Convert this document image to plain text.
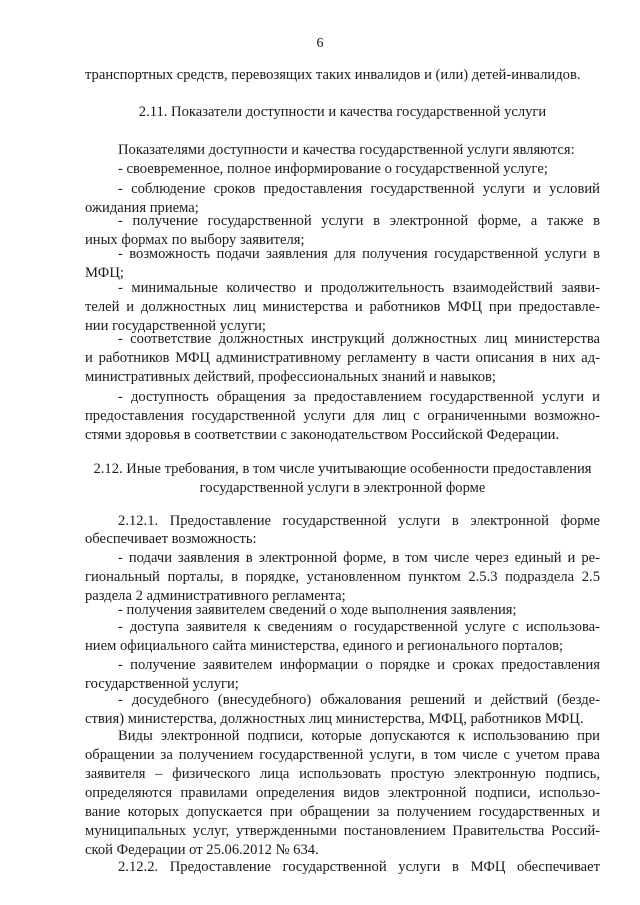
6
транспортных средств, перевозящих таких инвалидов и (или) детей-инвалидов.
2.11. Показатели доступности и качества государственной услуги
Показателями доступности и качества государственной услуги являются:
- своевременное, полное информирование о государственной услуге;
- соблюдение сроков предоставления государственной услуги и условий
ожидания приема;
- получение государственной услуги в электронной форме, а также в
иных формах по выбору заявителя;
- возможность подачи заявления для получения государственной услуги в
МФЦ;
- минимальные количество и продолжительность взаимодействий заяви-
телей и должностных лиц министерства и работников МФЦ при предоставле-
нии государственной услуги;
- соответствие должностных инструкций должностных лиц министерства
и работников МФЦ административному регламенту в части описания в них ад-
министративных действий, профессиональных знаний и навыков;
- доступность обращения за предоставлением государственной услуги и
предоставления государственной услуги для лиц с ограниченными возможно-
стями здоровья в соответствии с законодательством Российской Федерации.
2.12. Иные требования, в том числе учитывающие особенности предоставления
государственной услуги в электронной форме
2.12.1. Предоставление государственной услуги в электронной форме
обеспечивает возможность:
- подачи заявления в электронной форме, в том числе через единый и ре-
гиональный порталы, в порядке, установленном пунктом 2.5.3 подраздела 2.5
раздела 2 административного регламента;
- получения заявителем сведений о ходе выполнения заявления;
- доступа заявителя к сведениям о государственной услуге с использова-
нием официального сайта министерства, единого и регионального порталов;
- получение заявителем информации о порядке и сроках предоставления
государственной услуги;
- досудебного (внесудебного) обжалования решений и действий (безде-
ствия) министерства, должностных лиц министерства, МФЦ, работников МФЦ.
Виды электронной подписи, которые допускаются к использованию при
обращении за получением государственной услуги, в том числе с учетом права
заявителя – физического лица использовать простую электронную подпись,
определяются правилами определения видов электронной подписи, использо-
вание которых допускается при обращении за получением государственных и
муниципальных услуг, утвержденными постановлением Правительства Россий-
ской Федерации от 25.06.2012 № 634.
2.12.2. Предоставление государственной услуги в МФЦ обеспечивает
